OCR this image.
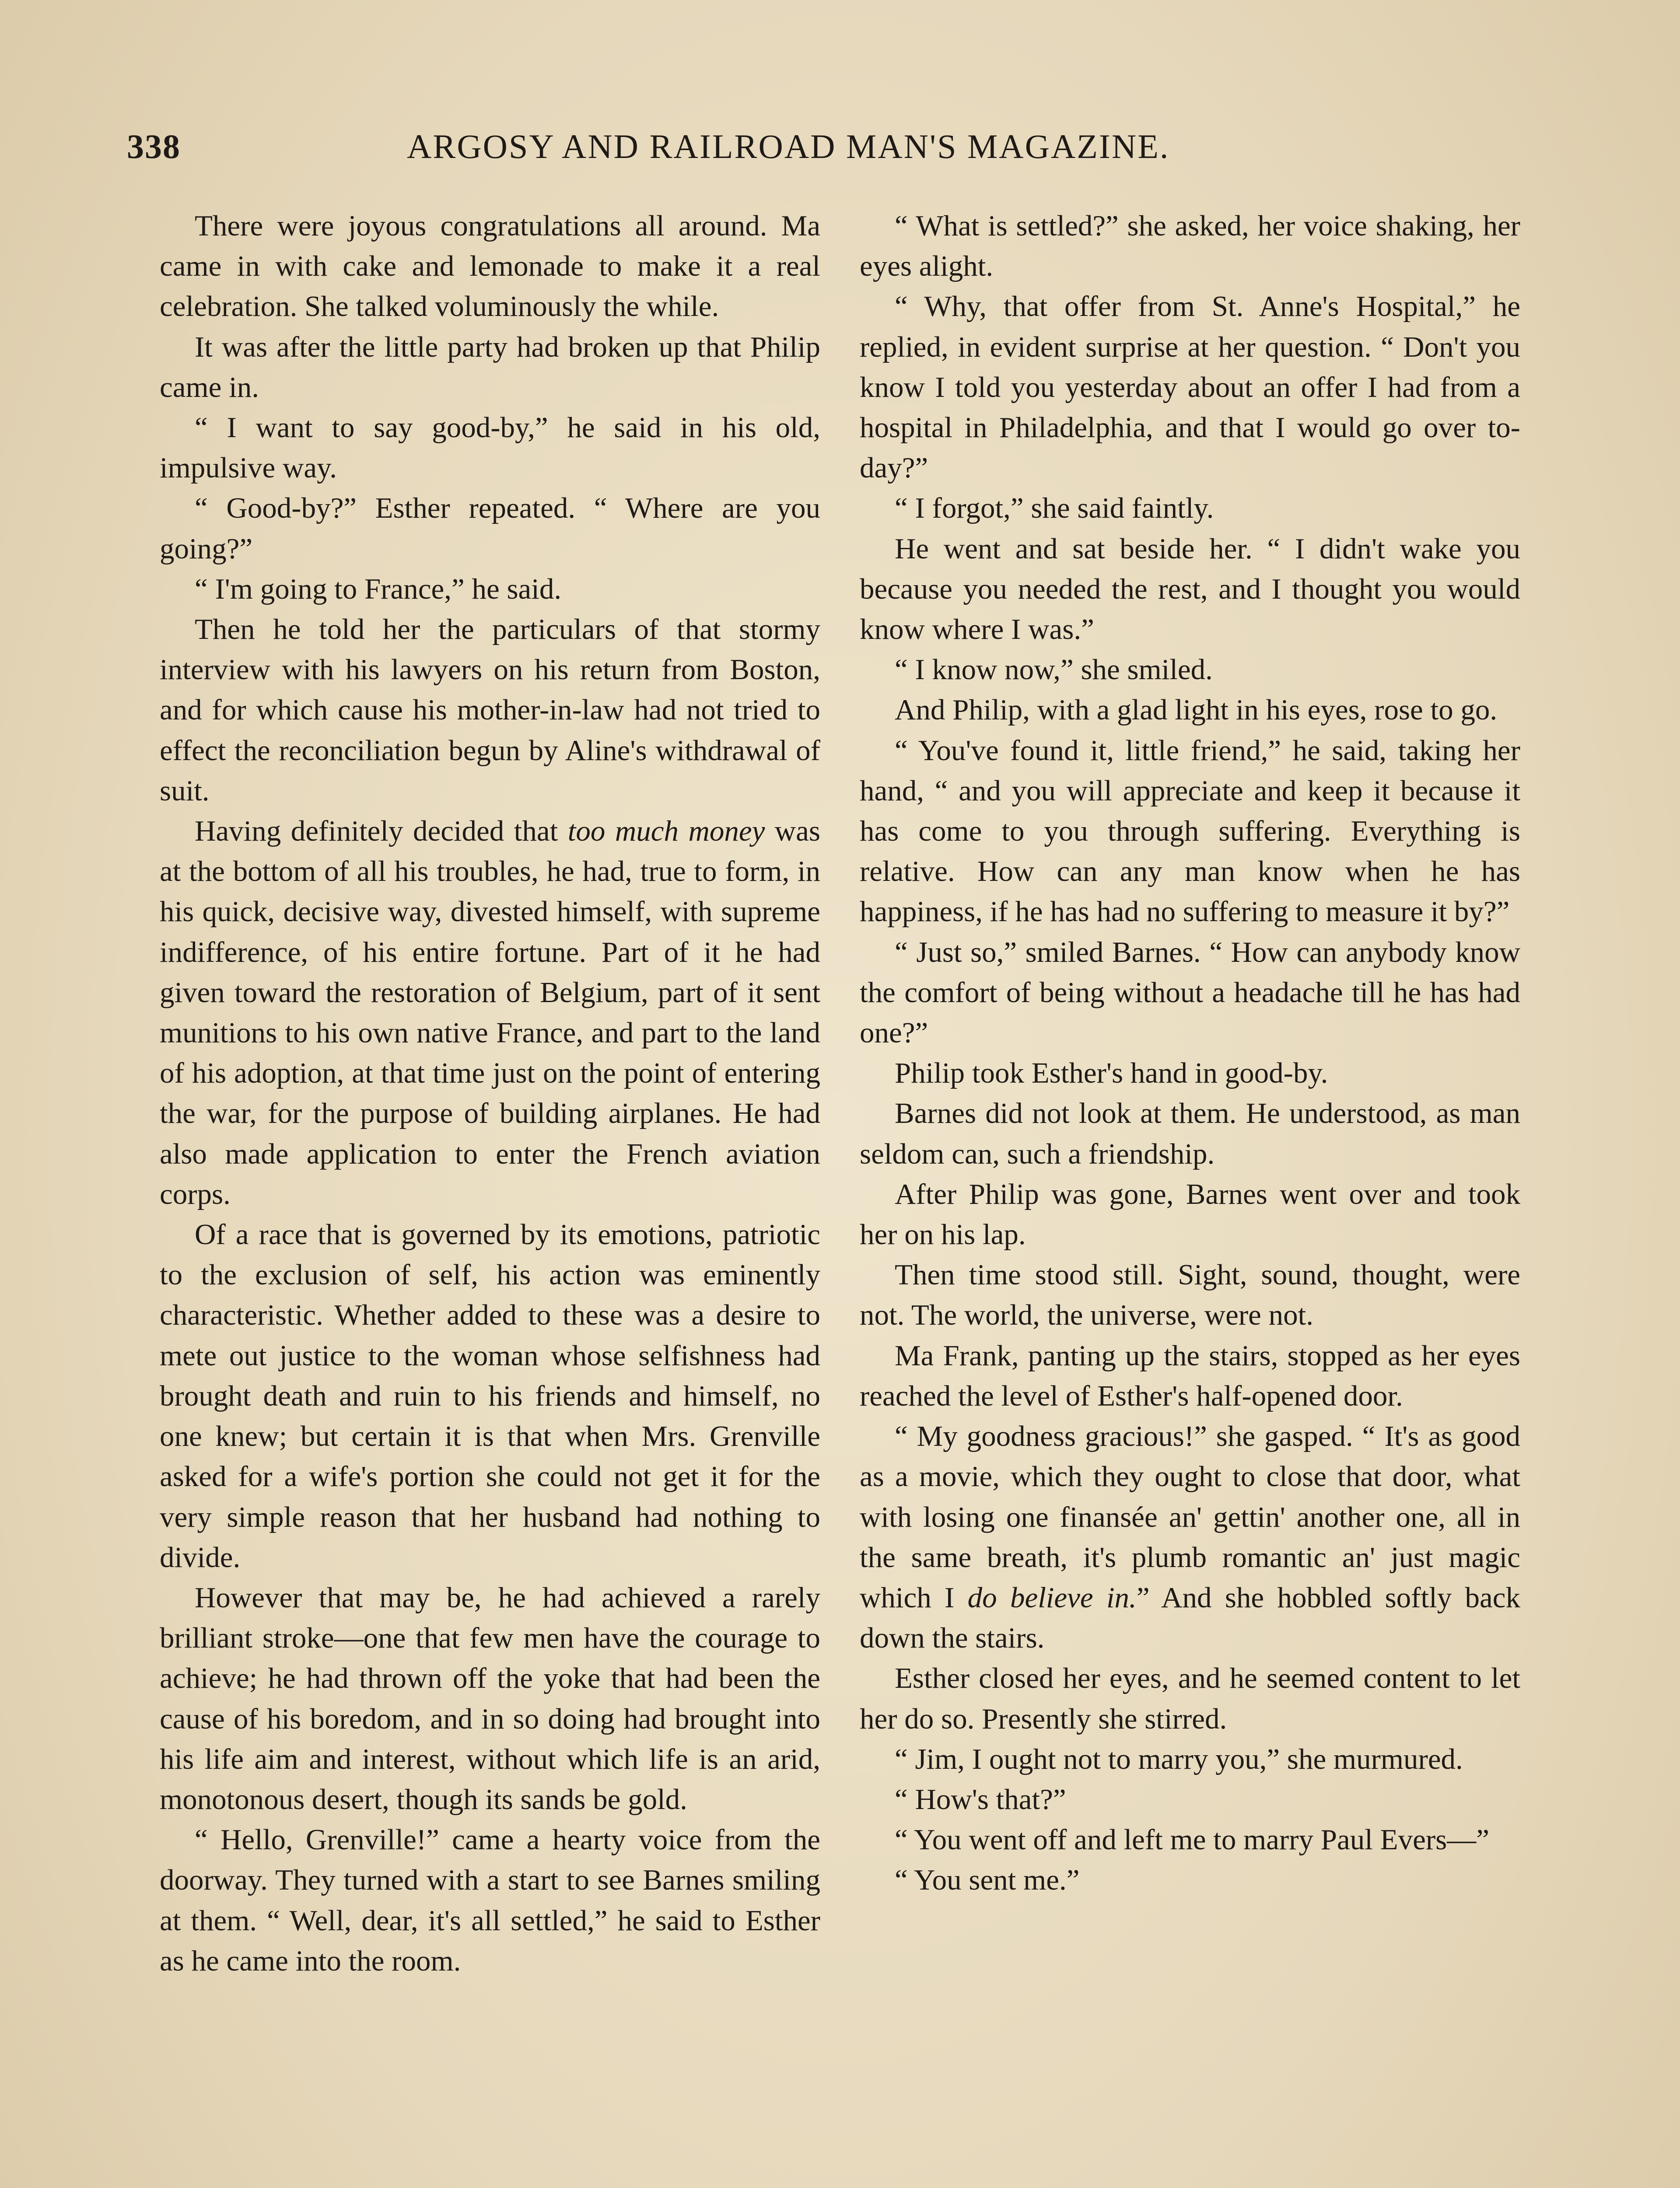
338	ARGOSY AND RAILROAD MAN'S MAGAZINE.

There were joyous congratulations all around. Ma came in with cake and lemonade to make it a real celebration. She talked voluminously the while.

It was after the little party had broken up that Philip came in.

“ I want to say good-by,” he said in his old, impulsive way.

“ Good-by?” Esther repeated. “ Where are you going?”

“ I'm going to France,” he said.

Then he told her the particulars of that stormy interview with his lawyers on his return from Boston, and for which cause his mother-in-law had not tried to effect the reconciliation begun by Aline's withdrawal of suit.

Having definitely decided that too much money was at the bottom of all his troubles, he had, true to form, in his quick, decisive way, divested himself, with supreme indifference, of his entire fortune. Part of it he had given toward the restoration of Belgium, part of it sent munitions to his own native France, and part to the land of his adoption, at that time just on the point of entering the war, for the purpose of building airplanes. He had also made application to enter the French aviation corps.

Of a race that is governed by its emotions, patriotic to the exclusion of self, his action was eminently characteristic. Whether added to these was a desire to mete out justice to the woman whose selfishness had brought death and ruin to his friends and himself, no one knew; but certain it is that when Mrs. Grenville asked for a wife's portion she could not get it for the very simple reason that her husband had nothing to divide.

However that may be, he had achieved a rarely brilliant stroke—one that few men have the courage to achieve; he had thrown off the yoke that had been the cause of his boredom, and in so doing had brought into his life aim and interest, without which life is an arid, monotonous desert, though its sands be gold.

“ Hello, Grenville!” came a hearty voice from the doorway. They turned with a start to see Barnes smiling at them. “ Well, dear, it's all settled,” he said to Esther as he came into the room.

“ What is settled?” she asked, her voice shaking, her eyes alight.

“ Why, that offer from St. Anne's Hospital,” he replied, in evident surprise at her question. “ Don't you know I told you yesterday about an offer I had from a hospital in Philadelphia, and that I would go over to-day?”

“ I forgot,” she said faintly.

He went and sat beside her. “ I didn't wake you because you needed the rest, and I thought you would know where I was.”

“ I know now,” she smiled.

And Philip, with a glad light in his eyes, rose to go.

“ You've found it, little friend,” he said, taking her hand, “ and you will appreciate and keep it because it has come to you through suffering. Everything is relative. How can any man know when he has happiness, if he has had no suffering to measure it by?”

“ Just so,” smiled Barnes. “ How can anybody know the comfort of being without a headache till he has had one?”

Philip took Esther's hand in good-by.

Barnes did not look at them. He understood, as man seldom can, such a friendship.

After Philip was gone, Barnes went over and took her on his lap.

Then time stood still. Sight, sound, thought, were not. The world, the universe, were not.

Ma Frank, panting up the stairs, stopped as her eyes reached the level of Esther's half-opened door.

“ My goodness gracious!” she gasped. “ It's as good as a movie, which they ought to close that door, what with losing one finansée an' gettin' another one, all in the same breath, it's plumb romantic an' just magic which I do believe in.” And she hobbled softly back down the stairs.

Esther closed her eyes, and he seemed content to let her do so. Presently she stirred.

“ Jim, I ought not to marry you,” she murmured.

“ How's that?”

“ You went off and left me to marry Paul Evers—”

“ You sent me.”
